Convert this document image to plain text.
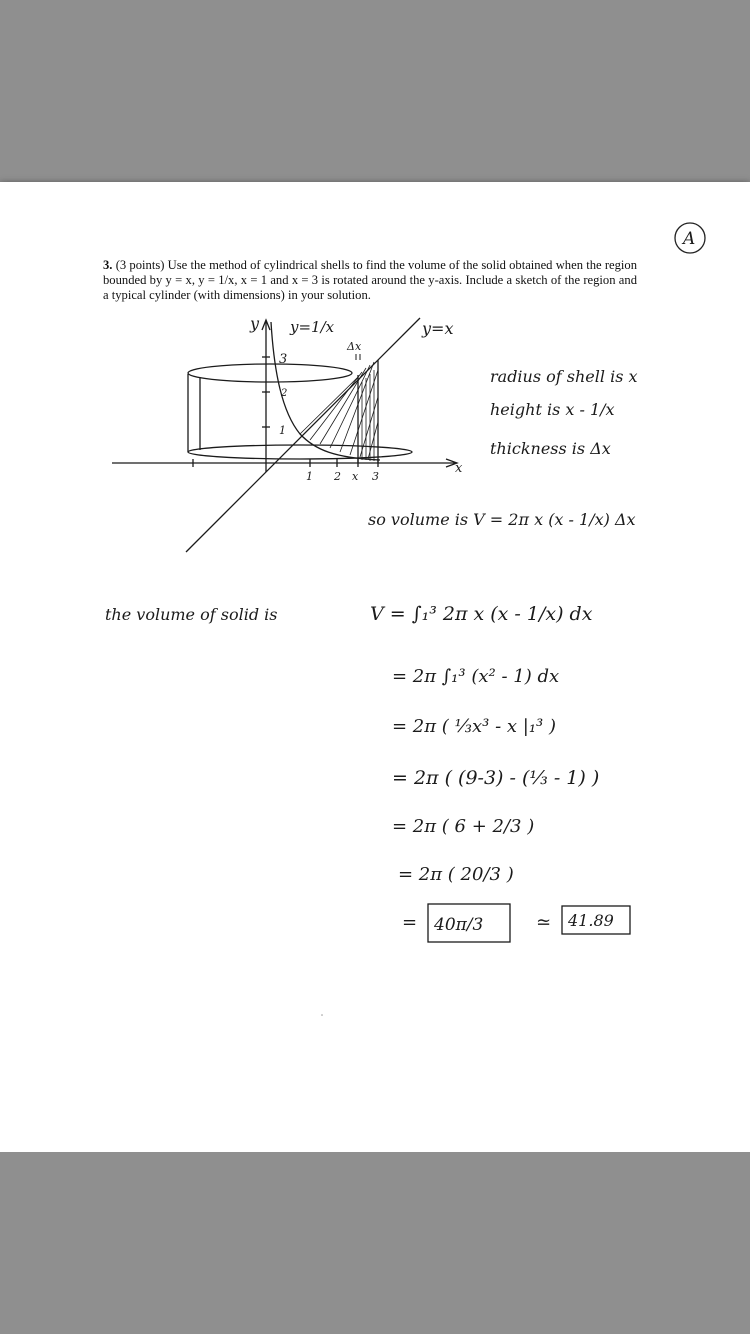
3. (3 points) Use the method of cylindrical shells to find the volume of the solid obtained when the region bounded by y = x, y = 1/x, x = 1 and x = 3 is rotated around the y-axis. Include a sketch of the region and a typical cylinder (with dimensions) in your solution.
A
y y=1/x	y=x
Δx
3
2
1
1 2 x 3
x
radius of shell is x
height is x - 1/x
thickness is Δx
so volume is V = 2π x (x - 1/x) Δx
the volume of solid is	V = ∫₁³ 2π x (x - 1/x) dx
= 2π ∫₁³ (x² - 1) dx
= 2π ( ⅓x³ - x |₁³ )
= 2π ( (9-3) - (⅓ - 1) )
= 2π ( 6 + 2/3 )
= 2π ( 20/3 )
= 40π/3	≃ 41.89
